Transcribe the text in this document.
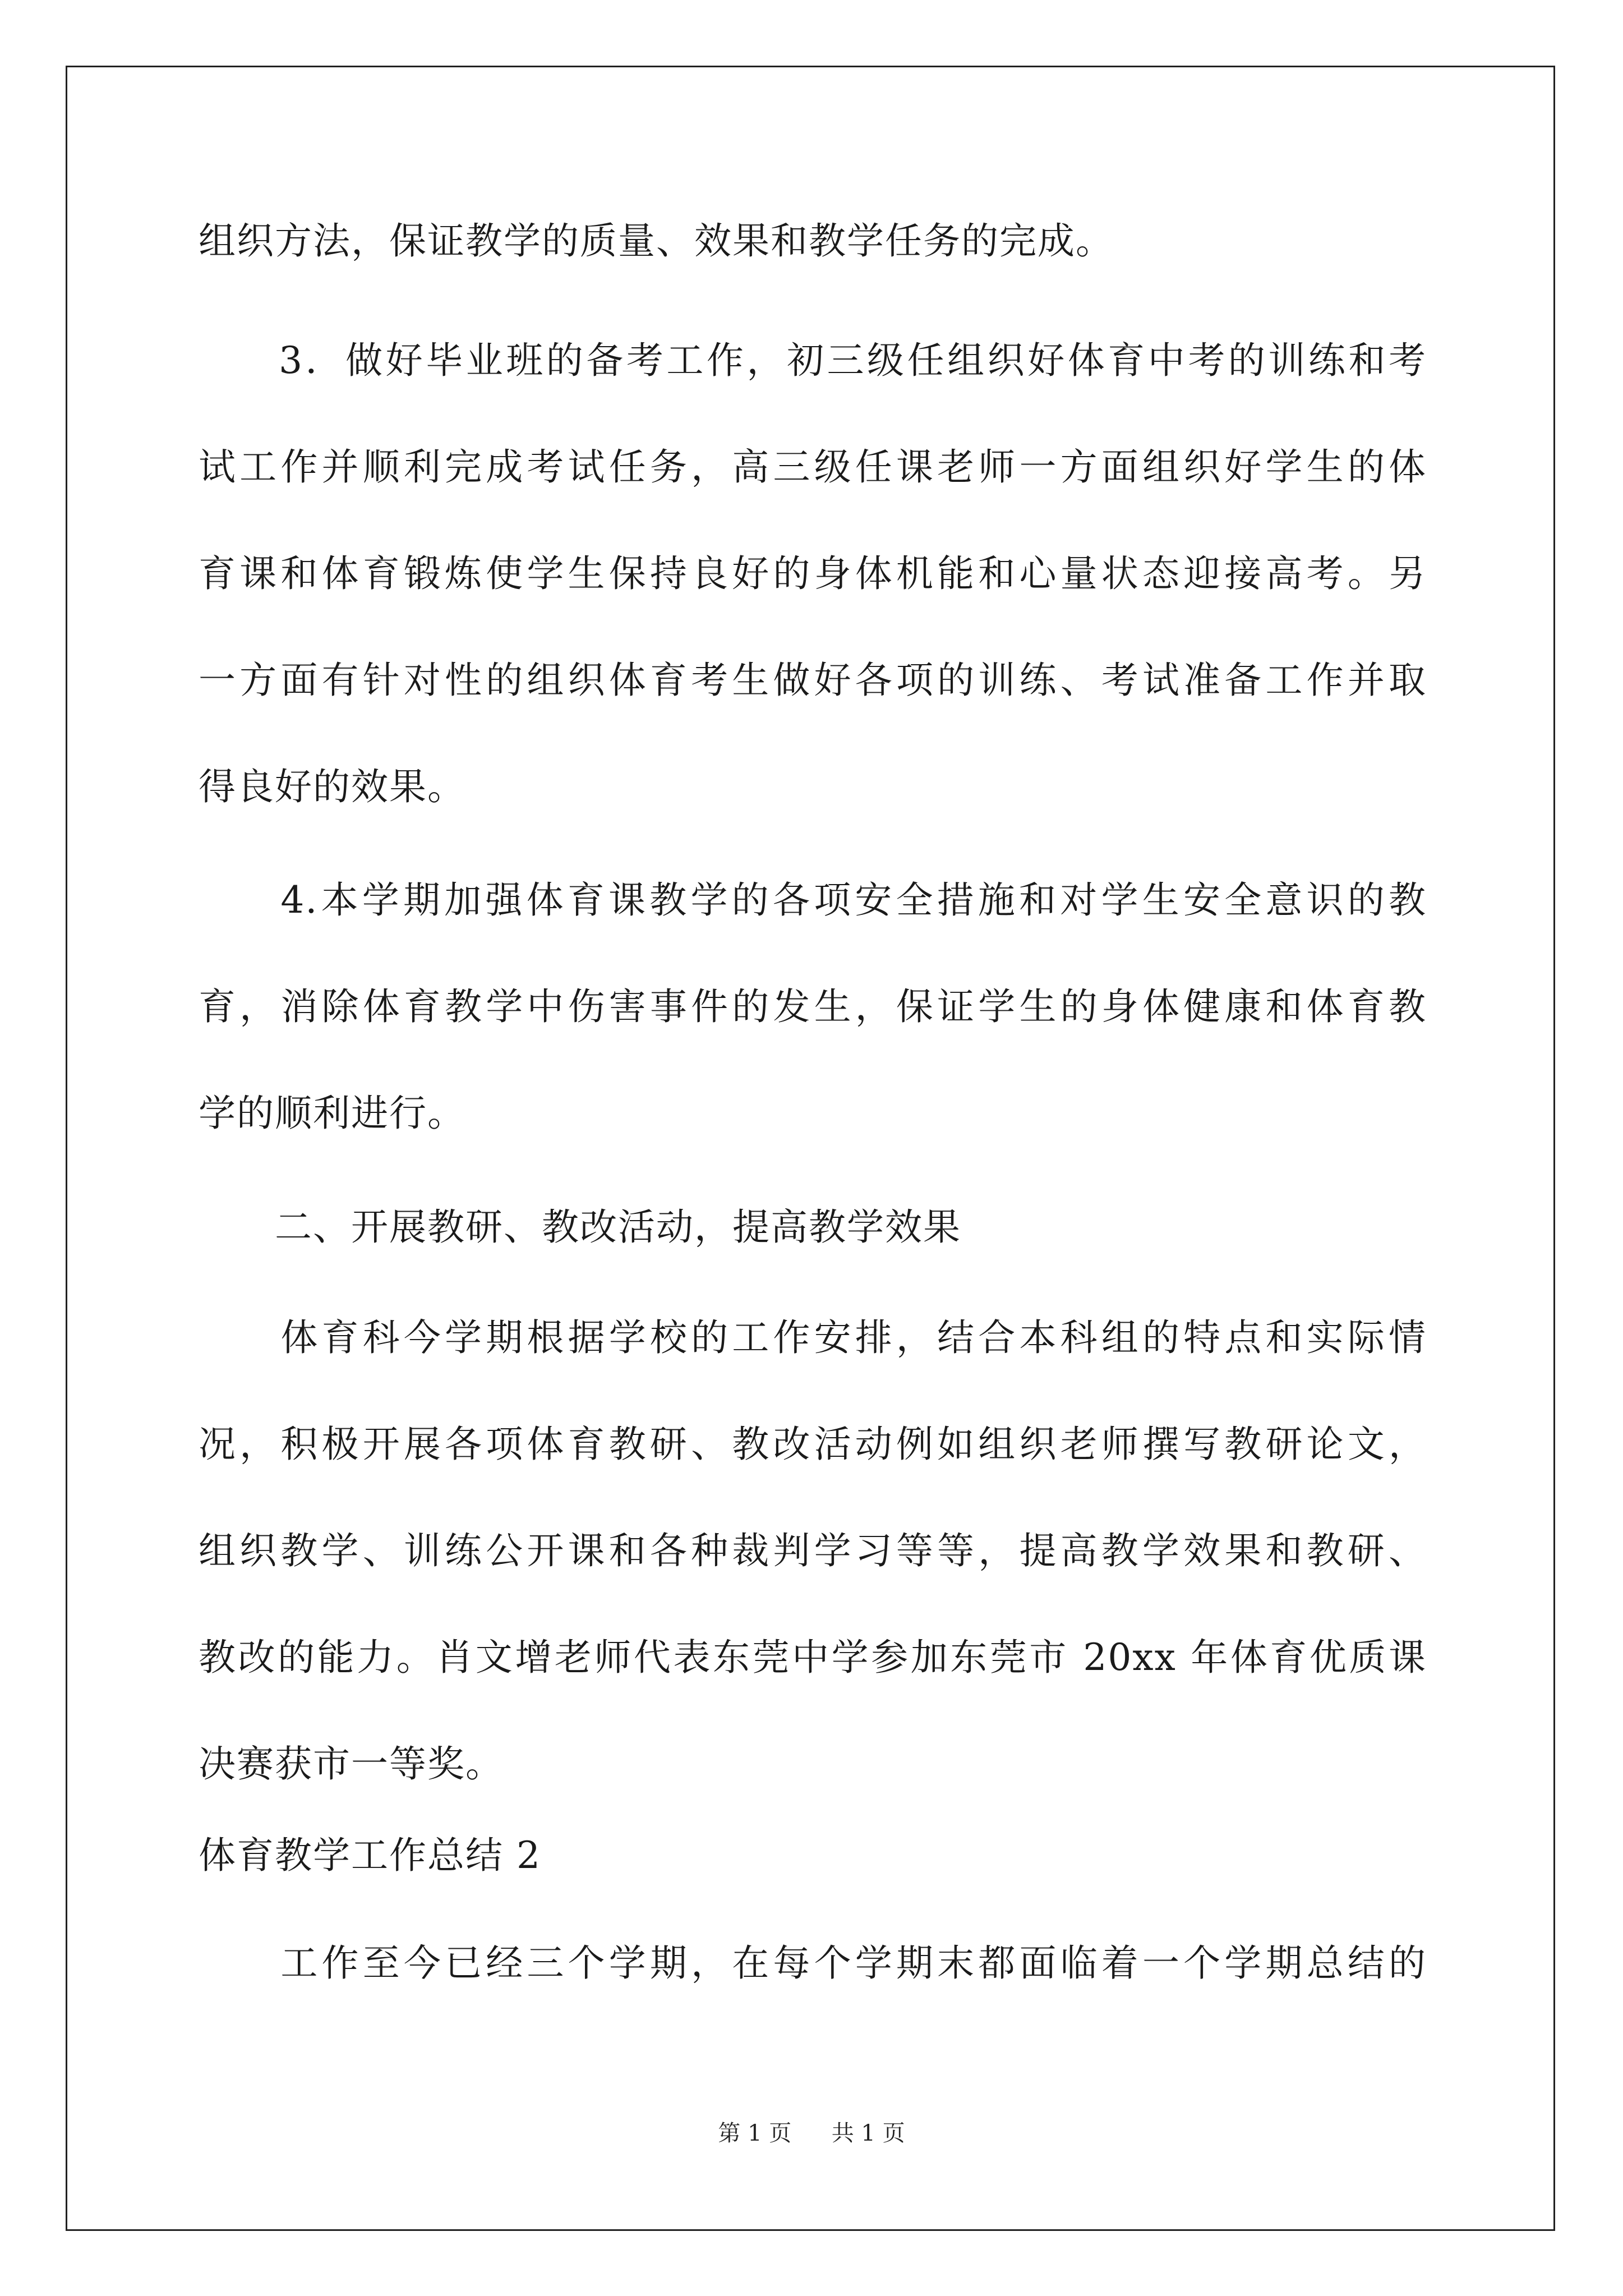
组织方法，保证教学的质量、效果和教学任务的完成。
　　3．做好毕业班的备考工作，初三级任组织好体育中考的训练和考
试工作并顺利完成考试任务，高三级任课老师一方面组织好学生的体
育课和体育锻炼使学生保持良好的身体机能和心量状态迎接高考。另
一方面有针对性的组织体育考生做好各项的训练、考试准备工作并取
得良好的效果。
　　4.本学期加强体育课教学的各项安全措施和对学生安全意识的教
育，消除体育教学中伤害事件的发生，保证学生的身体健康和体育教
学的顺利进行。
　　二、开展教研、教改活动，提高教学效果
　　体育科今学期根据学校的工作安排，结合本科组的特点和实际情
况，积极开展各项体育教研、教改活动例如组织老师撰写教研论文，
组织教学、训练公开课和各种裁判学习等等，提高教学效果和教研、
教改的能力。肖文增老师代表东莞中学参加东莞市 20xx 年体育优质课
决赛获市一等奖。
体育教学工作总结 2
　　工作至今已经三个学期，在每个学期末都面临着一个学期总结的
第 1 页 共 1 页
